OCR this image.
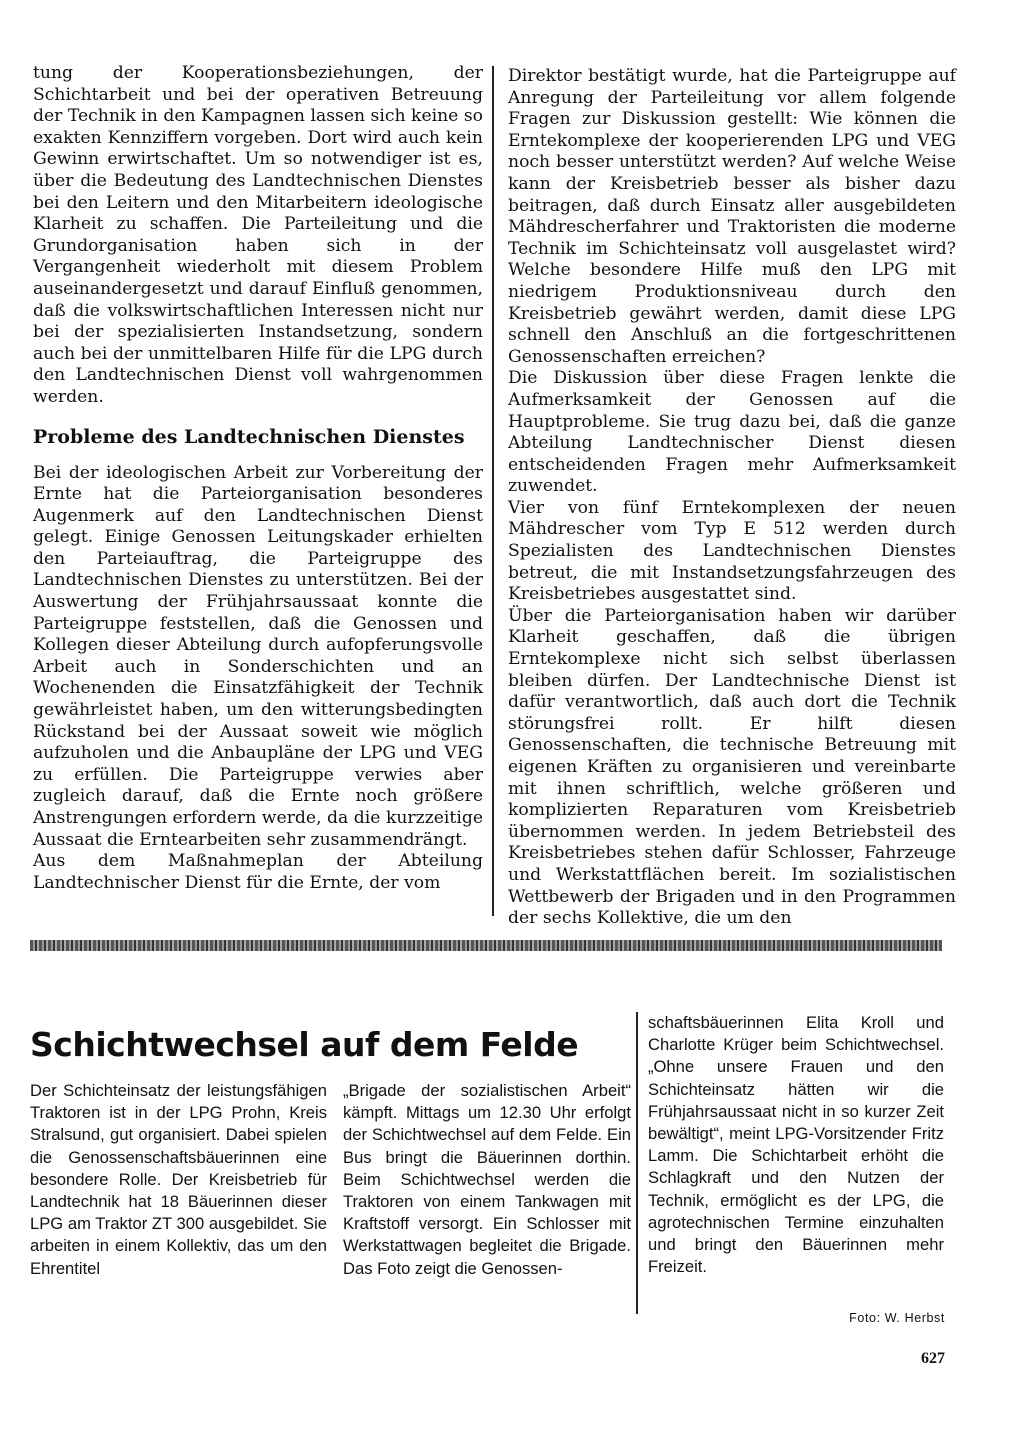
tung der Kooperationsbeziehungen, der Schichtarbeit und bei der operativen Betreuung der Technik in den Kampagnen lassen sich keine so exakten Kennziffern vorgeben. Dort wird auch kein Gewinn erwirtschaftet. Um so notwendiger ist es, über die Bedeutung des Landtechnischen Dienstes bei den Leitern und den Mitarbeitern ideologische Klarheit zu schaffen. Die Parteileitung und die Grundorganisation haben sich in der Vergangenheit wiederholt mit diesem Problem auseinandergesetzt und darauf Einfluß genommen, daß die volkswirtschaftlichen Interessen nicht nur bei der spezialisierten Instandsetzung, sondern auch bei der unmittelbaren Hilfe für die LPG durch den Landtechnischen Dienst voll wahrgenommen werden.

Probleme des Landtechnischen Dienstes

Bei der ideologischen Arbeit zur Vorbereitung der Ernte hat die Parteiorganisation besonderes Augenmerk auf den Landtechnischen Dienst gelegt. Einige Genossen Leitungskader erhielten den Parteiauftrag, die Parteigruppe des Landtechnischen Dienstes zu unterstützen. Bei der Auswertung der Frühjahrsaussaat konnte die Parteigruppe feststellen, daß die Genossen und Kollegen dieser Abteilung durch aufopferungsvolle Arbeit auch in Sonderschichten und an Wochenenden die Einsatzfähigkeit der Technik gewährleistet haben, um den witterungsbedingten Rückstand bei der Aussaat soweit wie möglich aufzuholen und die Anbaupläne der LPG und VEG zu erfüllen. Die Parteigruppe verwies aber zugleich darauf, daß die Ernte noch größere Anstrengungen erfordern werde, da die kurzzeitige Aussaat die Erntearbeiten sehr zusammendrängt.

Aus dem Maßnahmeplan der Abteilung Landtechnischer Dienst für die Ernte, der vom

Direktor bestätigt wurde, hat die Parteigruppe auf Anregung der Parteileitung vor allem folgende Fragen zur Diskussion gestellt: Wie können die Erntekomplexe der kooperierenden LPG und VEG noch besser unterstützt werden? Auf welche Weise kann der Kreisbetrieb besser als bisher dazu beitragen, daß durch Einsatz aller ausgebildeten Mähdrescherfahrer und Traktoristen die moderne Technik im Schichteinsatz voll ausgelastet wird? Welche besondere Hilfe muß den LPG mit niedrigem Produktionsniveau durch den Kreisbetrieb gewährt werden, damit diese LPG schnell den Anschluß an die fortgeschrittenen Genossenschaften erreichen?

Die Diskussion über diese Fragen lenkte die Aufmerksamkeit der Genossen auf die Hauptprobleme. Sie trug dazu bei, daß die ganze Abteilung Landtechnischer Dienst diesen entscheidenden Fragen mehr Aufmerksamkeit zuwendet.

Vier von fünf Erntekomplexen der neuen Mähdrescher vom Typ E 512 werden durch Spezialisten des Landtechnischen Dienstes betreut, die mit Instandsetzungsfahrzeugen des Kreisbetriebes ausgestattet sind.

Über die Parteiorganisation haben wir darüber Klarheit geschaffen, daß die übrigen Erntekomplexe nicht sich selbst überlassen bleiben dürfen. Der Landtechnische Dienst ist dafür verantwortlich, daß auch dort die Technik störungsfrei rollt. Er hilft diesen Genossenschaften, die technische Betreuung mit eigenen Kräften zu organisieren und vereinbarte mit ihnen schriftlich, welche größeren und komplizierten Reparaturen vom Kreisbetrieb übernommen werden. In jedem Betriebsteil des Kreisbetriebes stehen dafür Schlosser, Fahrzeuge und Werkstattflächen bereit. Im sozialistischen Wettbewerb der Brigaden und in den Programmen der sechs Kollektive, die um den

Schichtwechsel auf dem Felde

Der Schichteinsatz der leistungsfähigen Traktoren ist in der LPG Prohn, Kreis Stralsund, gut organisiert. Dabei spielen die Genossenschaftsbäuerinnen eine besondere Rolle. Der Kreisbetrieb für Landtechnik hat 18 Bäuerinnen dieser LPG am Traktor ZT 300 ausgebildet. Sie arbeiten in einem Kollektiv, das um den Ehrentitel

„Brigade der sozialistischen Arbeit“ kämpft. Mittags um 12.30 Uhr erfolgt der Schichtwechsel auf dem Felde. Ein Bus bringt die Bäuerinnen dorthin. Beim Schichtwechsel werden die Traktoren von einem Tankwagen mit Kraftstoff versorgt. Ein Schlosser mit Werkstattwagen begleitet die Brigade. Das Foto zeigt die Genossen-

schaftsbäuerinnen Elita Kroll und Charlotte Krüger beim Schichtwechsel. „Ohne unsere Frauen und den Schichteinsatz hätten wir die Frühjahrsaussaat nicht in so kurzer Zeit bewältigt“, meint LPG-Vorsitzender Fritz Lamm. Die Schichtarbeit erhöht die Schlagkraft und den Nutzen der Technik, ermöglicht es der LPG, die agrotechnischen Termine einzuhalten und bringt den Bäuerinnen mehr Freizeit.

Foto: W. Herbst

627
